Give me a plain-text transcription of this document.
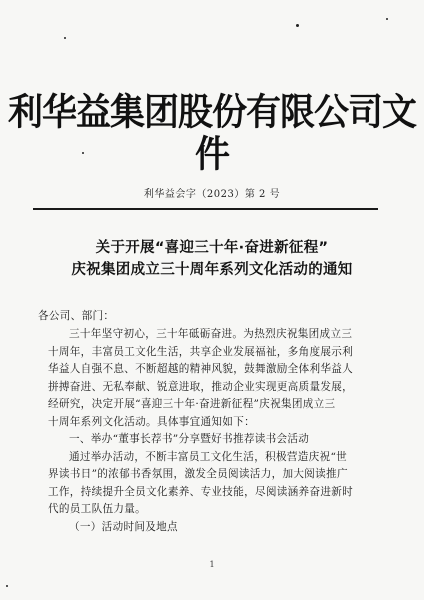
利华益集团股份有限公司文件
利华益会字（2023）第 2 号
关于开展“喜迎三十年·奋进新征程”
庆祝集团成立三十周年系列文化活动的通知
各公司、部门：
三十年坚守初心，三十年砥砺奋进。为热烈庆祝集团成立三
十周年，丰富员工文化生活，共享企业发展福祉，多角度展示利
华益人自强不息、不断超越的精神风貌，鼓舞激励全体利华益人
拼搏奋进、无私奉献、锐意进取，推动企业实现更高质量发展，
经研究，决定开展“喜迎三十年·奋进新征程”庆祝集团成立三
十周年系列文化活动。具体事宜通知如下：
一、举办“董事长荐书”分享暨好书推荐读书会活动
通过举办活动，不断丰富员工文化生活，积极营造庆祝“世
界读书日”的浓郁书香氛围，激发全员阅读活力，加大阅读推广
工作，持续提升全员文化素养、专业技能，尽阅读涵养奋进新时
代的员工队伍力量。
（一）活动时间及地点
1
